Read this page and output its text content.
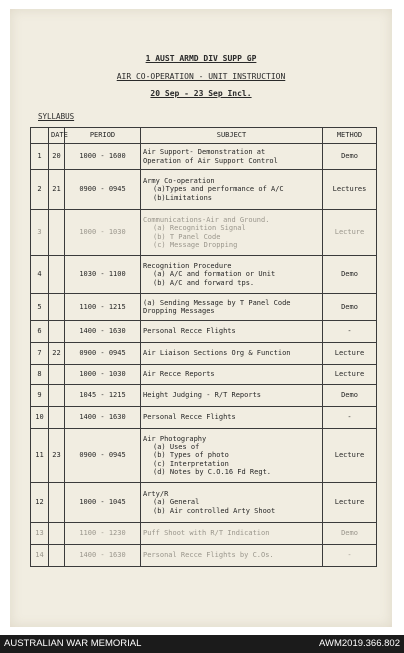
1 AUST ARMD DIV SUPP GP
AIR CO-OPERATION - UNIT INSTRUCTION
20 Sep - 23 Sep Incl.
SYLLABUS
	DATE	PERIOD	SUBJECT	METHOD
1	20	1000 - 1600	Air Support- Demonstration at
Operation of Air Support Control	Demo
2	21	0900 - 0945	Army Co-operation
(a)Types and performance of A/C
(b)Limitations	Lectures
3		1000 - 1030	Communications-Air and Ground.
(a) Recognition Signal
(b) T Panel Code
(c) Message Dropping	Lecture
4		1030 - 1100	Recognition Procedure
(a) A/C and formation or Unit
(b) A/C and forward tps.	Demo
5		1100 - 1215	(a) Sending Message by T Panel Code
Dropping Messages	Demo
6		1400 - 1630	Personal Recce Flights	-
7	22	0900 - 0945	Air Liaison Sections Org & Function	Lecture
8		1000 - 1030	Air Recce Reports	Lecture
9		1045 - 1215	Height Judging - R/T Reports	Demo
10		1400 - 1630	Personal Recce Flights	-
11	23	0900 - 0945	Air Photography
(a) Uses of
(b) Types of photo
(c) Interpretation
(d) Notes by C.O.16 Fd Regt.	Lecture
12		1000 - 1045	Arty/R
(a) General
(b) Air controlled Arty Shoot	Lecture
13		1100 - 1230	Puff Shoot with R/T Indication	Demo
14		1400 - 1630	Personal Recce Flights by C.Os.	-
AUSTRALIAN WAR MEMORIAL	AWM2019.366.802
